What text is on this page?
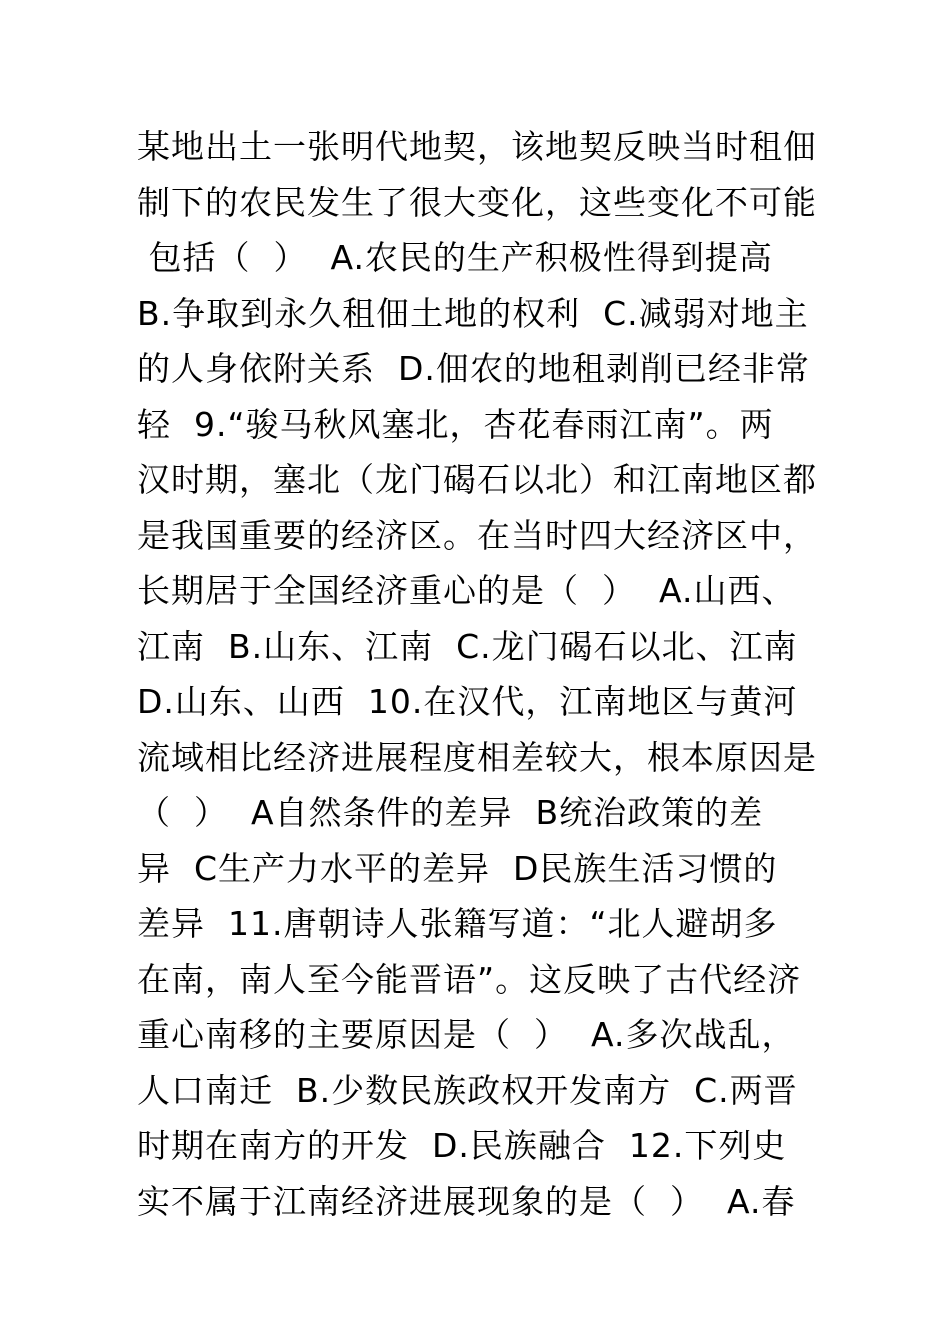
某地出土一张明代地契，该地契反映当时租佃
制下的农民发生了很大变化，这些变化不可能
包括（  ）  A.农民的生产积极性得到提高
B.争取到永久租佃土地的权利  C.减弱对地主
的人身依附关系  D.佃农的地租剥削已经非常
轻  9.“骏马秋风塞北，杏花春雨江南”。两
汉时期，塞北（龙门碣石以北）和江南地区都
是我国重要的经济区。在当时四大经济区中，
长期居于全国经济重心的是（  ）  A.山西、
江南  B.山东、江南  C.龙门碣石以北、江南
D.山东、山西  10.在汉代，江南地区与黄河
流域相比经济进展程度相差较大，根本原因是
（  ）  A自然条件的差异  B统治政策的差
异  C生产力水平的差异  D民族生活习惯的
差异  11.唐朝诗人张籍写道：“北人避胡多
在南，南人至今能晋语”。这反映了古代经济
重心南移的主要原因是（  ）  A.多次战乱，
人口南迁  B.少数民族政权开发南方  C.两晋
时期在南方的开发  D.民族融合  12.下列史
实不属于江南经济进展现象的是（  ）  A.春
